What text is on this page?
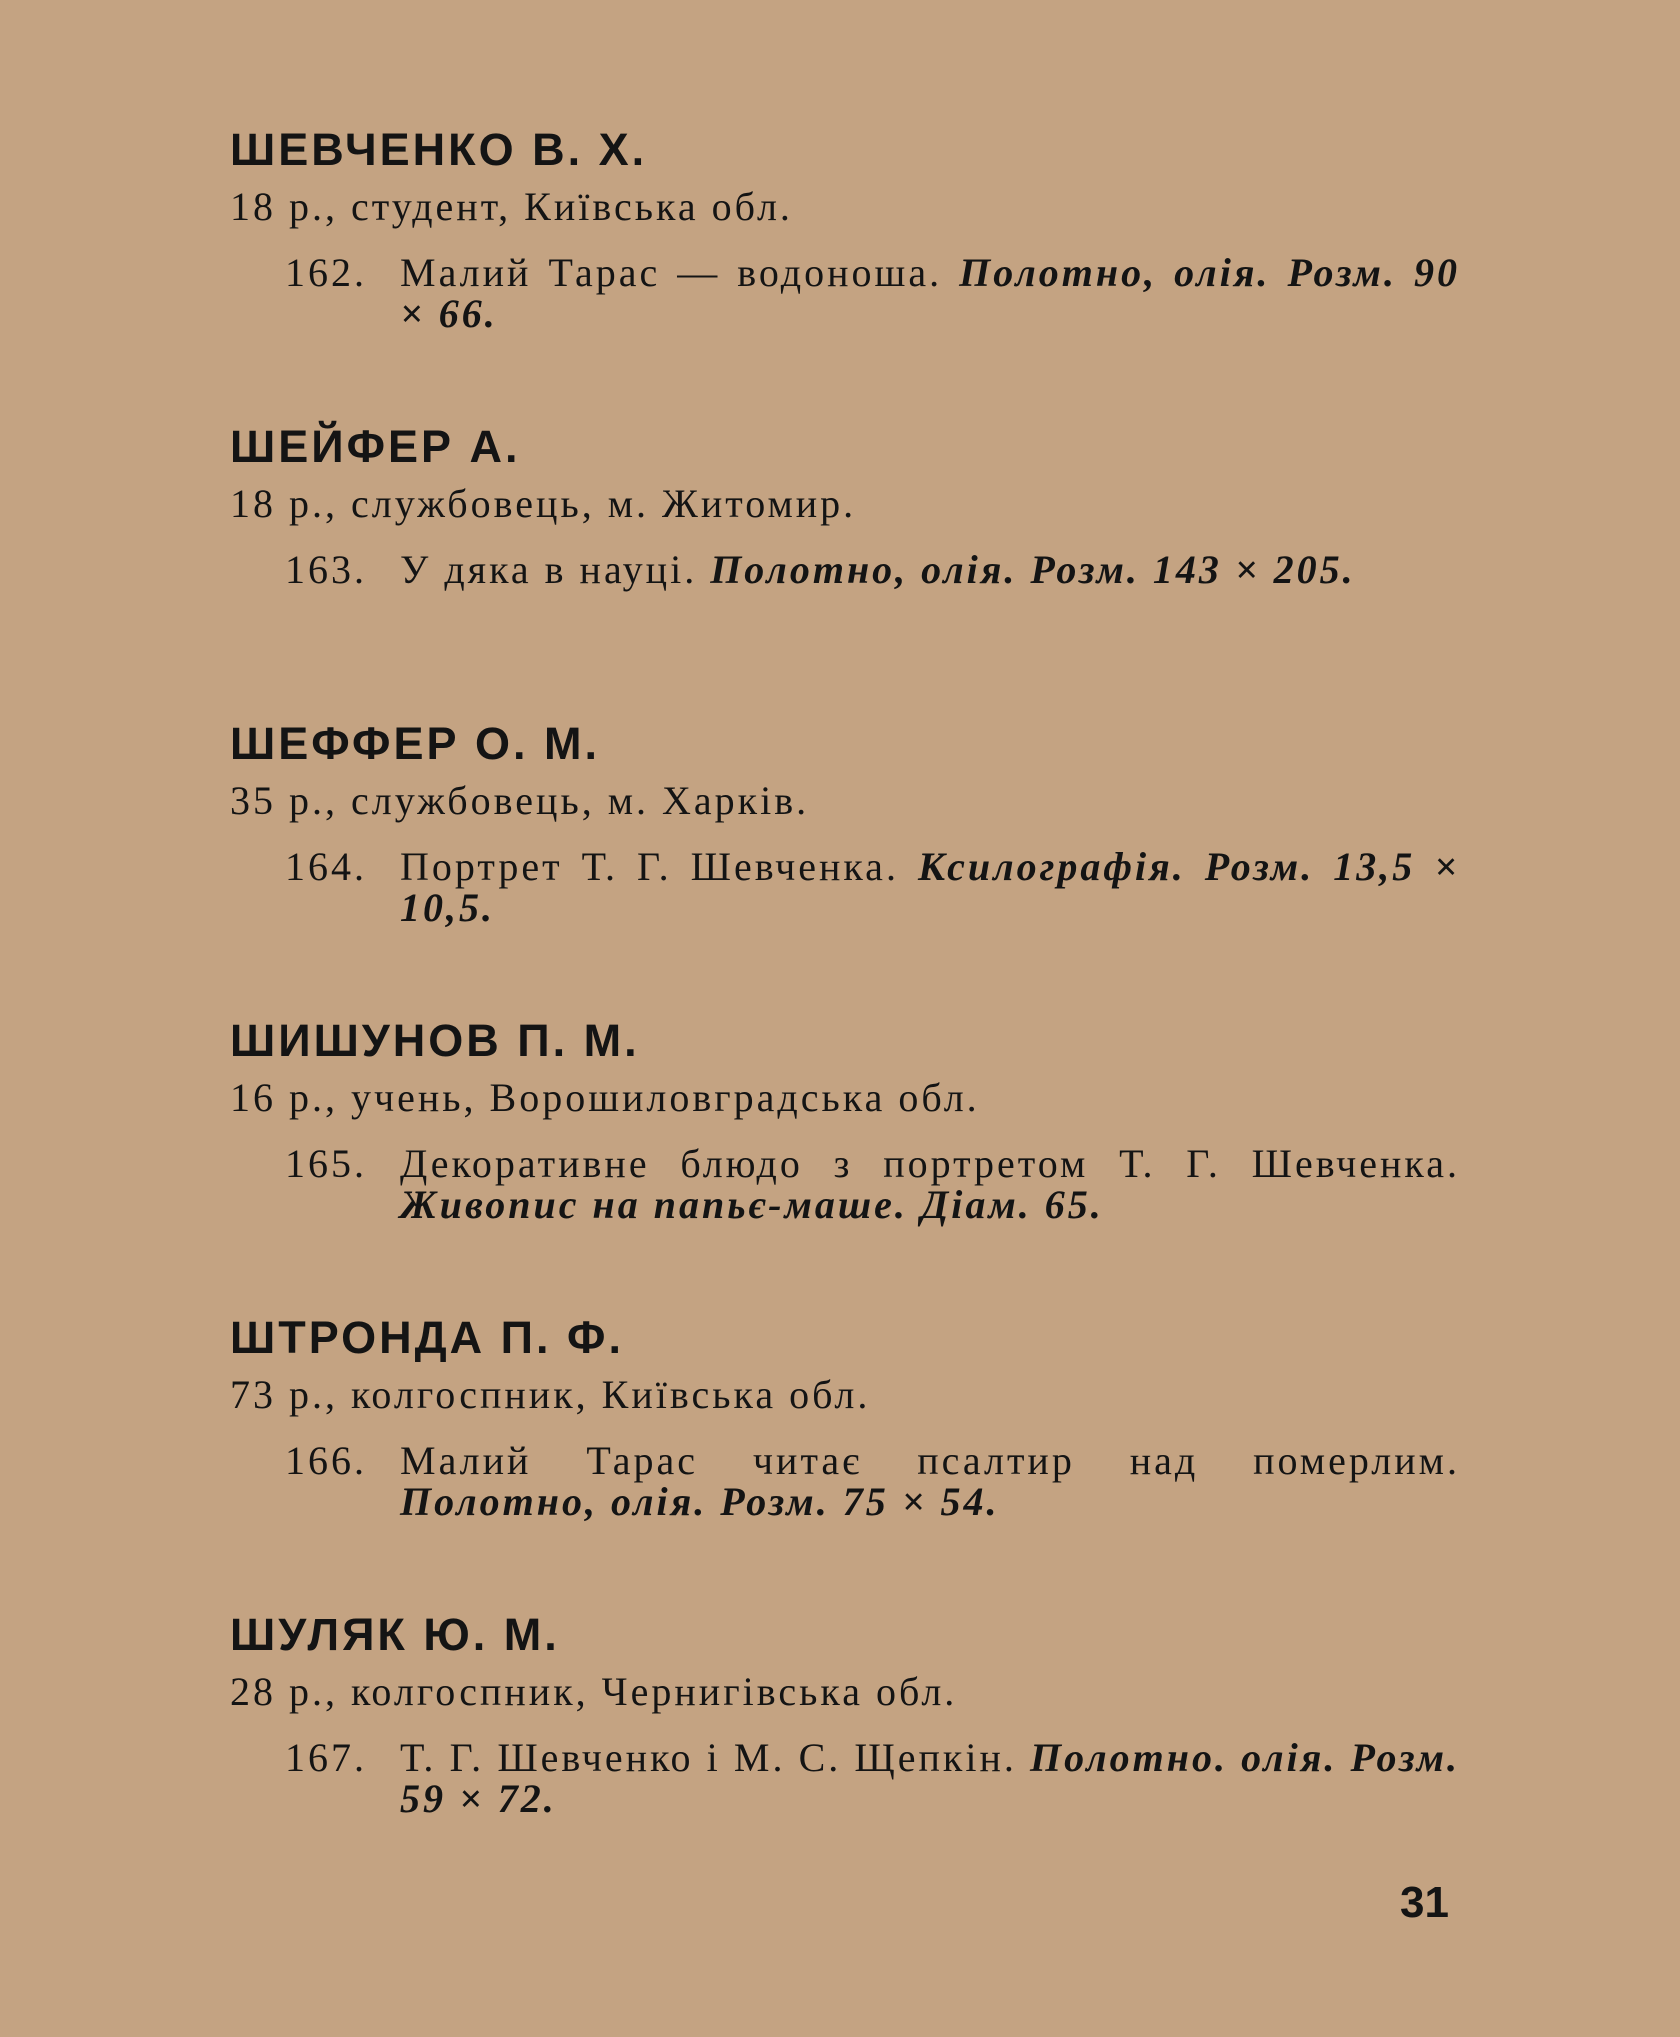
ШЕВЧЕНКО В. Х.
18 р., студент, Київська обл.
162. Малий Тарас — водоноша. Полотно, олія. Розм. 90 × 66.
ШЕЙФЕР А.
18 р., службовець, м. Житомир.
163. У дяка в науці. Полотно, олія. Розм. 143 × 205.
ШЕФФЕР О. М.
35 р., службовець, м. Харків.
164. Портрет Т. Г. Шевченка. Ксилографія. Розм. 13,5 × 10,5.
ШИШУНОВ П. М.
16 р., учень, Ворошиловградська обл.
165. Декоративне блюдо з портретом Т. Г. Шевченка. Живопис на папьє-маше. Діам. 65.
ШТРОНДА П. Ф.
73 р., колгоспник, Київська обл.
166. Малий Тарас читає псалтир над померлим. Полотно, олія. Розм. 75 × 54.
ШУЛЯК Ю. М.
28 р., колгоспник, Чернигівська обл.
167. Т. Г. Шевченко і М. С. Щепкін. Полотно. олія. Розм. 59 × 72.
31
